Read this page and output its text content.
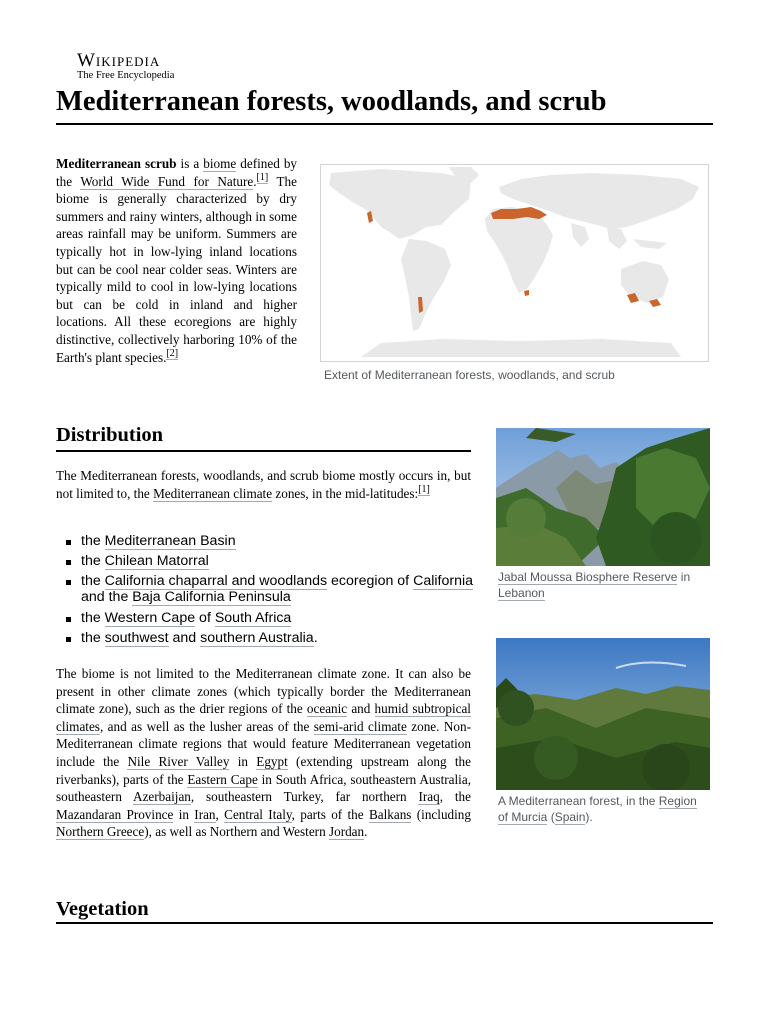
Wikipedia
The Free Encyclopedia
Mediterranean forests, woodlands, and scrub

Mediterranean scrub is a biome defined by the World Wide Fund for Nature.[1] The biome is generally characterized by dry summers and rainy winters, although in some areas rainfall may be uniform. Summers are typically hot in low-lying inland locations but can be cool near colder seas. Winters are typically mild to cool in low-lying locations but can be cold in inland and higher locations. All these ecoregions are highly distinctive, collectively harboring 10% of the Earth's plant species.[2]

Extent of Mediterranean forests, woodlands, and scrub
Distribution

The Mediterranean forests, woodlands, and scrub biome mostly occurs in, but not limited to, the Mediterranean climate zones, in the mid-latitudes:[1]

the Mediterranean Basin
the Chilean Matorral
the California chaparral and woodlands ecoregion of California and the Baja California Peninsula
the Western Cape of South Africa
the southwest and southern Australia.

The biome is not limited to the Mediterranean climate zone. It can also be present in other climate zones (which typically border the Mediterranean climate zone), such as the drier regions of the oceanic and humid subtropical climates, and as well as the lusher areas of the semi-arid climate zone. Non-Mediterranean climate regions that would feature Mediterranean vegetation include the Nile River Valley in Egypt (extending upstream along the riverbanks), parts of the Eastern Cape in South Africa, southeastern Australia, southeastern Azerbaijan, southeastern Turkey, far northern Iraq, the Mazandaran Province in Iran, Central Italy, parts of the Balkans (including Northern Greece), as well as Northern and Western Jordan.

Jabal Moussa Biosphere Reserve in Lebanon
A Mediterranean forest, in the Region of Murcia (Spain).
Vegetation
